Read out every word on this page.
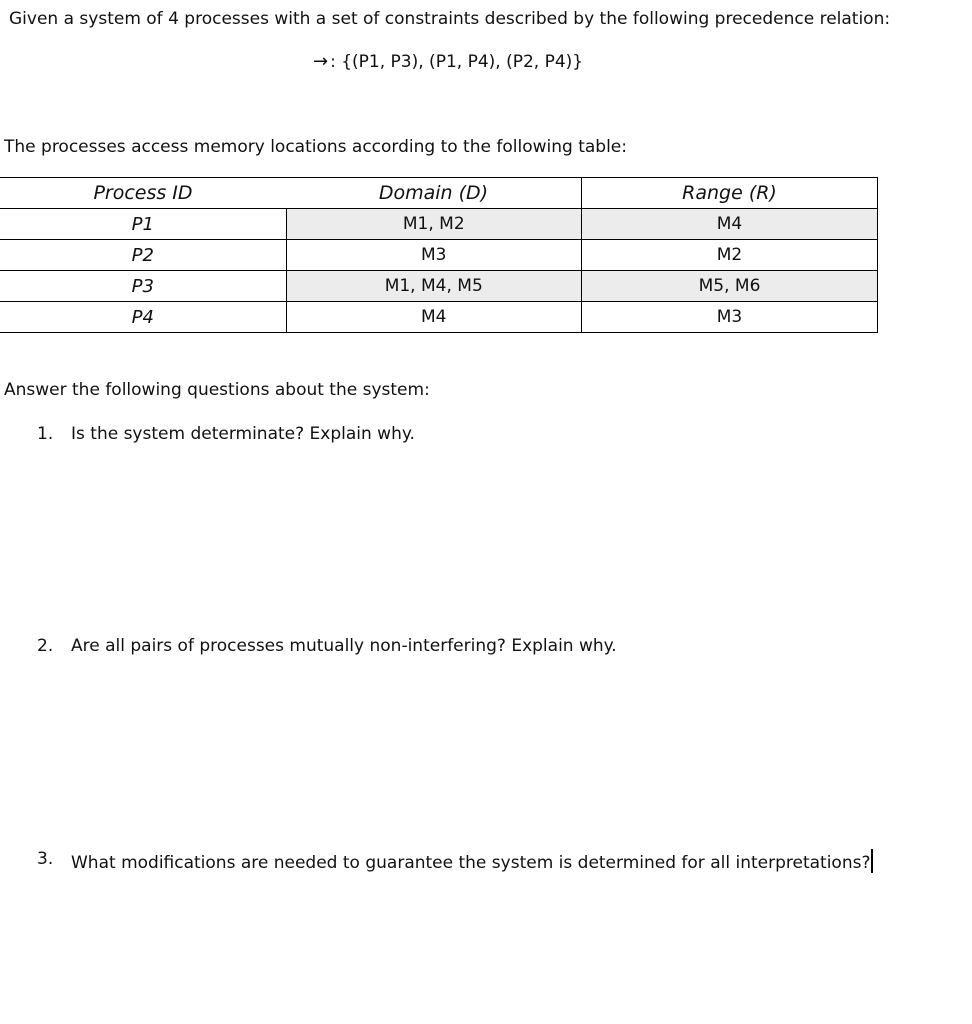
Given a system of 4 processes with a set of constraints described by the following precedence relation:
→ : {(P1, P3), (P1, P4), (P2, P4)}
The processes access memory locations according to the following table:
Process ID	Domain (D)	Range (R)
P1	M1, M2	M4
P2	M3	M2
P3	M1, M4, M5	M5, M6
P4	M4	M3
Answer the following questions about the system:
1. Is the system determinate? Explain why.
2. Are all pairs of processes mutually non-interfering? Explain why.
3. What modifications are needed to guarantee the system is determined for all interpretations?
